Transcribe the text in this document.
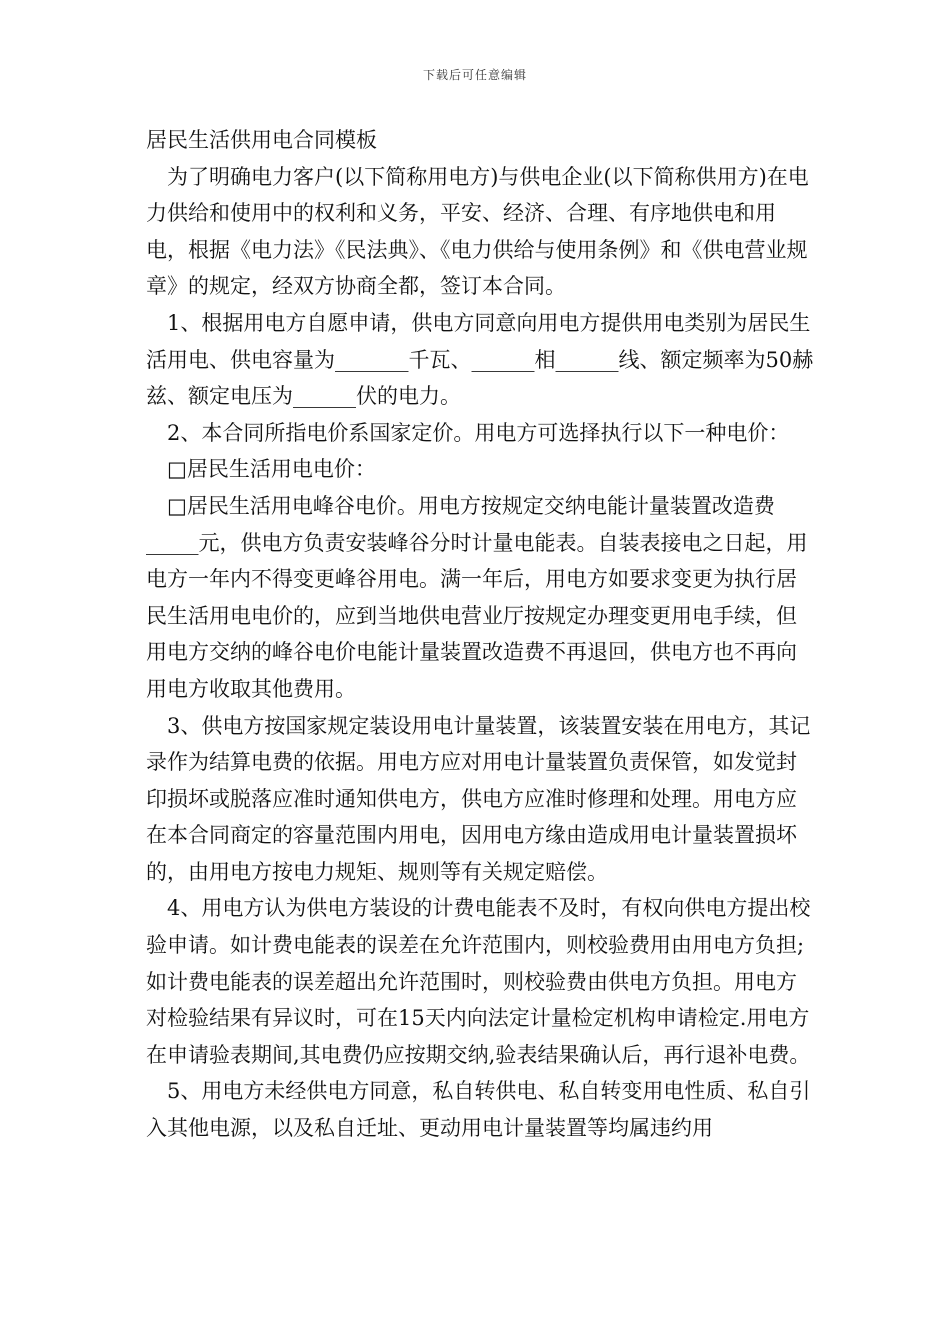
下载后可任意编辑

居民生活供用电合同模板

为了明确电力客户(以下简称用电方)与供电企业(以下简称供用方)在电力供给和使用中的权利和义务，平安、经济、合理、有序地供电和用电，根据《电力法》《民法典》、《电力供给与使用条例》和《供电营业规章》的规定，经双方协商全都，签订本合同。

1、根据用电方自愿申请，供电方同意向用电方提供用电类别为居民生活用电、供电容量为_______千瓦、______相______线、额定频率为50赫兹、额定电压为______伏的电力。

2、本合同所指电价系国家定价。用电方可选择执行以下一种电价：

□居民生活用电电价：

□居民生活用电峰谷电价。用电方按规定交纳电能计量装置改造费_____元，供电方负责安装峰谷分时计量电能表。自装表接电之日起，用电方一年内不得变更峰谷用电。满一年后，用电方如要求变更为执行居民生活用电电价的，应到当地供电营业厅按规定办理变更用电手续，但用电方交纳的峰谷电价电能计量装置改造费不再退回，供电方也不再向用电方收取其他费用。

3、供电方按国家规定装设用电计量装置，该装置安装在用电方，其记录作为结算电费的依据。用电方应对用电计量装置负责保管，如发觉封印损坏或脱落应准时通知供电方，供电方应准时修理和处理。用电方应在本合同商定的容量范围内用电，因用电方缘由造成用电计量装置损坏的，由用电方按电力规矩、规则等有关规定赔偿。

4、用电方认为供电方装设的计费电能表不及时，有权向供电方提出校验申请。如计费电能表的误差在允许范围内，则校验费用由用电方负担;如计费电能表的误差超出允许范围时，则校验费由供电方负担。用电方对检验结果有异议时，可在15天内向法定计量检定机构申请检定.用电方在申请验表期间,其电费仍应按期交纳,验表结果确认后，再行退补电费。

5、用电方未经供电方同意，私自转供电、私自转变用电性质、私自引入其他电源，以及私自迁址、更动用电计量装置等均属违约用
